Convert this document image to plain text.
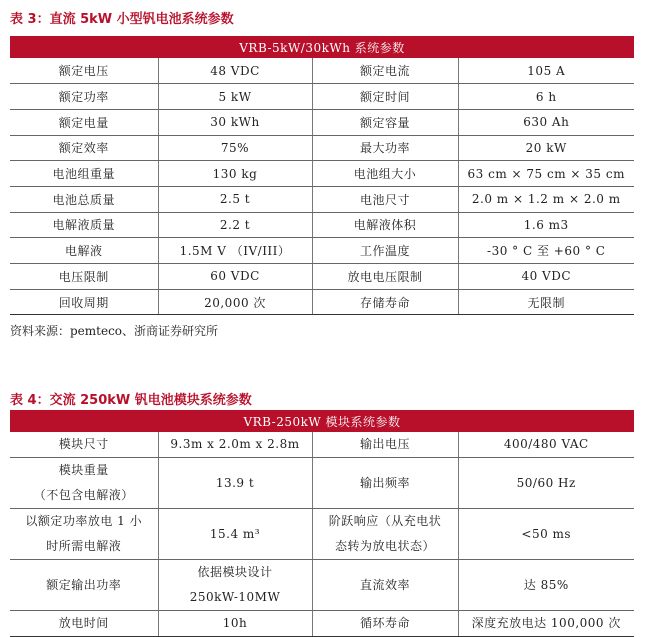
表 3：直流 5kW 小型钒电池系统参数
VRB-5kW/30kWh 系统参数			
额定电压	48 VDC	额定电流	105 A
额定功率	5 kW	额定时间	6 h
额定电量	30 kWh	额定容量	630 Ah
额定效率	75%	最大功率	20 kW
电池组重量	130 kg	电池组大小	63 cm × 75 cm × 35 cm
电池总质量	2.5 t	电池尺寸	2.0 m × 1.2 m × 2.0 m
电解液质量	2.2 t	电解液体积	1.6 m3
电解液	1.5M V （IV/III）	工作温度	-30 ° C 至 +60 ° C
电压限制	60 VDC	放电电压限制	40 VDC
回收周期	20,000 次	存储寿命	无限制
资料来源：pemteco、浙商证券研究所
表 4：交流 250kW 钒电池模块系统参数
VRB-250kW 模块系统参数			

模块尺寸	9.3m x 2.0m x 2.8m	输出电压	400/480 VAC

模块重量
（不包含电解液）	13.9 t	输出频率	50/60 Hz

以额定功率放电 1 小
时所需电解液	15.4 m³	阶跃响应（从充电状
态转为放电状态）	<50 ms

额定输出功率	依据模块设计
250kW-10MW	直流效率	达 85%

放电时间	10h	循环寿命	深度充放电达 100,000 次
